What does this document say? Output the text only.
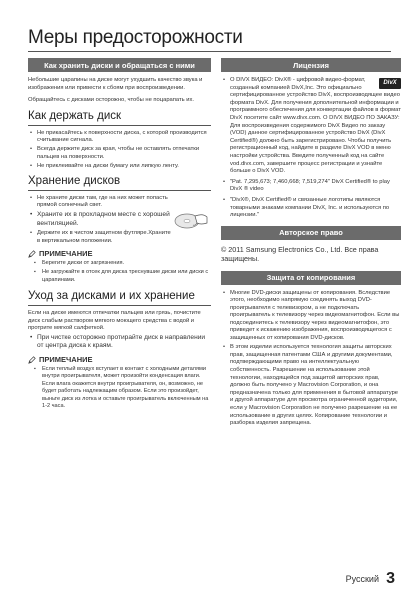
Меры предосторожности
Как хранить диски и обращаться с ними

Небольшие царапины на диске могут ухудшить качество звука и изображения или привести к сбоям при воспроизведении.

Обращайтесь с дисками осторожно, чтобы не поцарапать их.

Как держать диск
• Не прикасайтесь к поверхности диска, с которой производится считывание сигнала.
• Всегда держите диск за края, чтобы не оставлять отпечатки пальцев на поверхности.
• Не приклеивайте на диски бумагу или липкую ленту.
Хранение дисков
• Не храните диски там, где на них может попасть прямой солнечный свет.
• Храните их в прохладном месте с хорошей вентиляцией.
• Держите их в чистом защитном футляре.Храните в вертикальном положении.
ПРИМЕЧАНИЕ
▪ Берегите диски от загрязнения.
▪ Не загружайте в отсек для диска треснувшие диски или диски с царапинами.
Уход за дисками и их хранение

Если на диске имеются отпечатки пальцев или грязь, почистите диск слабым раствором мягкого моющего средства с водой и протрите мягкой салфеткой.

• При чистке осторожно протирайте диск в направлении от центра диска к краям.
ПРИМЕЧАНИЕ
▪ Если теплый воздух вступает в контакт с холодными деталями внутри проигрывателя, может произойти конденсация влаги. Если влага окажется внутри проигрывателя, он, возможно, не будет работать надлежащим образом. Если это произойдет, выньте диск из лотка и оставьте проигрыватель включенным на 1-2 часа.
Лицензия
• DivX
О DIVX ВИДЕО: DivX® - цифровой видео-формат, созданный компанией DivX,Inc. Это официально сертифицированное устройство DivX, воспроизводящее видео формата DivX. Для получения дополнительной информации и программного обеспечения для конвертации файлов в формат DivX посетите сайт www.divx.com. О DIVX ВИДЕО ПО ЗАКАЗУ: Для воспроизведения содержимого DivX Видео по заказу (VOD) данное сертифицированное устройство DivX (DivX Certified®) должно быть зарегистрировано. Чтобы получить регистрационный код, найдите в разделе DivX VOD в меню настройки устройства. Введите полученный код на сайте vod.divx.com, завершите процесс регистрации и узнайте больше о DivX VOD.
• "Pat. 7,295,673; 7,460,668; 7,519,274" DivX Certified® to play DivX ® video
• "DivX®, DivX Certified® и связанные логотипы являются товарными знаками компании DivX, Inc. и используются по лицензии."
Авторское право

© 2011 Samsung Electronics Co., Ltd. Все права защищены.

Защита от копирования
• Многие DVD-диски защищены от копирования. Вследствие этого, необходимо напрямую соединять выход DVD-проигрывателя с телевизором, а не подключать проигрыватель к телевизору через видеомагнитофон. Если вы подсоединитесь к телевизору через видеомагнитофон, это приведет к искажению изображения, воспроизводящегося с защищенных от копирования DVD-дисков.
• В этом изделии используется технология защиты авторских прав, защищенная патентами США и другими документами, подтверждающими право на интеллектуальную собственность. Разрешение на использование этой технологии, находящейся под защитой авторских прав, должно быть получено у Macrovision Corporation, и она предназначена только для применения в бытовой аппаратуре и другой аппаратуре для просмотра ограниченной аудитории, если у Macrovision Corporation не получено разрешение на ее использование в других целях. Копирование технологии и разборка изделия запрещена.
Русский 3
